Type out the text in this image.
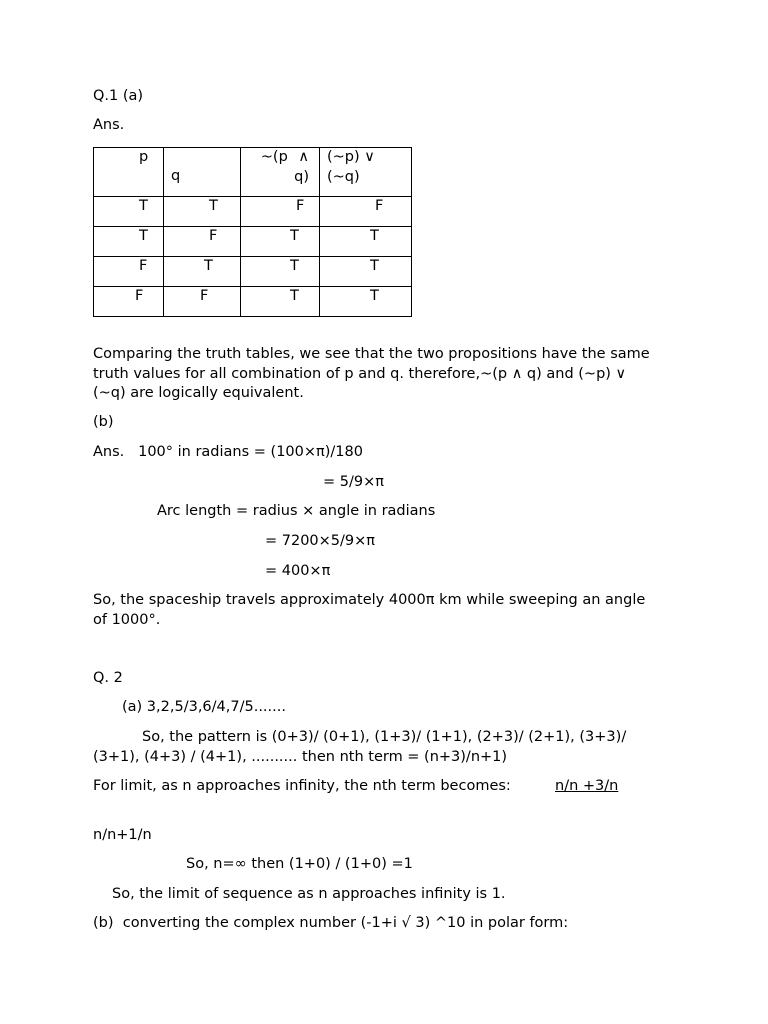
Q.1 (a)
Ans.
p	q	~(p ∧ q)	(~p) ∨ (~q)

T	T	F	F

T	F	T	T

F	T	T	T

F	F	T	T
Comparing the truth tables, we see that the two propositions have the same truth values for all combination of p and q. therefore,~(p ∧ q) and (~p) ∨ (~q) are logically equivalent.
(b)
Ans.   100° in radians = (100×π)/180
= 5/9×π
Arc length = radius × angle in radians
= 7200×5/9×π
= 400×π
So, the spaceship travels approximately 4000π km while sweeping an angle of 1000°.
Q. 2
(a) 3,2,5/3,6/4,7/5.......
So, the pattern is (0+3)/ (0+1), (1+3)/ (1+1), (2+3)/ (2+1), (3+3)/ (3+1), (4+3) / (4+1), .......... then nth term = (n+3)/n+1)
For limit, as n approaches infinity, the nth term becomes:	n/n +3/n
n/n+1/n
So, n=∞ then (1+0) / (1+0) =1
So, the limit of sequence as n approaches infinity is 1.
(b)  converting the complex number (-1+i √ 3) ^10 in polar form:
